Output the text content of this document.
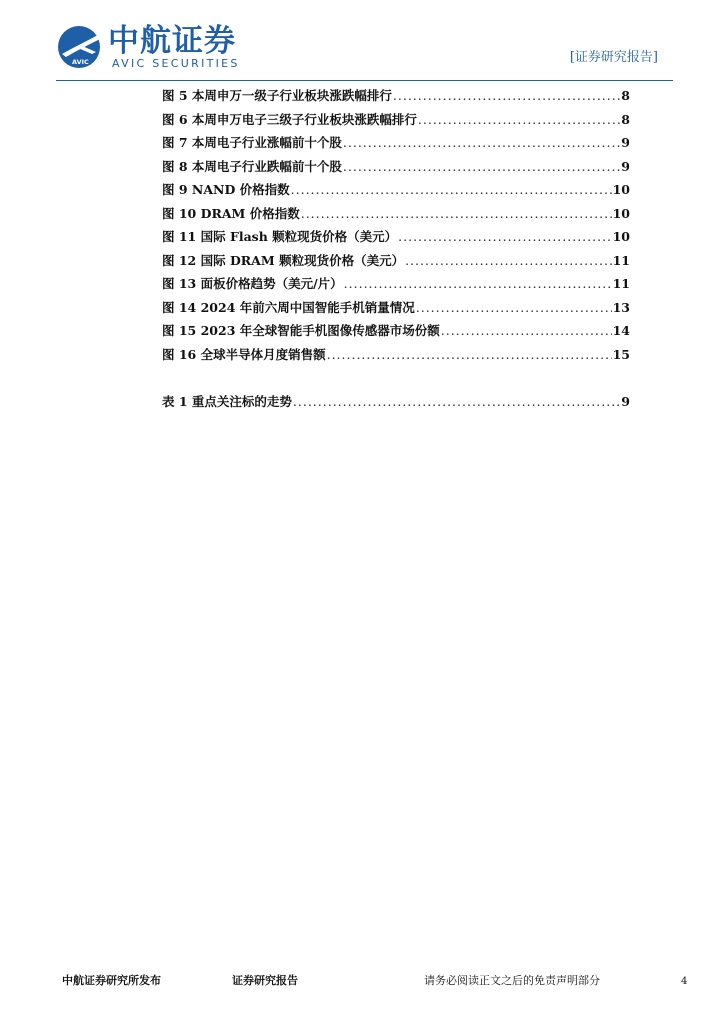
AVIC
中航证券
AVIC SECURITIES	[证券研究报告]
图 5 本周申万一级子行业板块涨跌幅排行 .....	8
图 6 本周申万电子三级子行业板块涨跌幅排行 .....	8
图 7 本周电子行业涨幅前十个股 .....	9
图 8 本周电子行业跌幅前十个股 .....	9
图 9 NAND 价格指数 .....	10
图 10 DRAM 价格指数 .....	10
图 11 国际 Flash 颗粒现货价格（美元） .....	10
图 12 国际 DRAM 颗粒现货价格（美元） .....	11
图 13 面板价格趋势（美元/片） .....	11
图 14 2024 年前六周中国智能手机销量情况 .....	13
图 15 2023 年全球智能手机图像传感器市场份额 .....	14
图 16 全球半导体月度销售额 .....	15
表 1 重点关注标的走势 .....	9
中航证券研究所发布	证券研究报告	请务必阅读正文之后的免责声明部分	4
